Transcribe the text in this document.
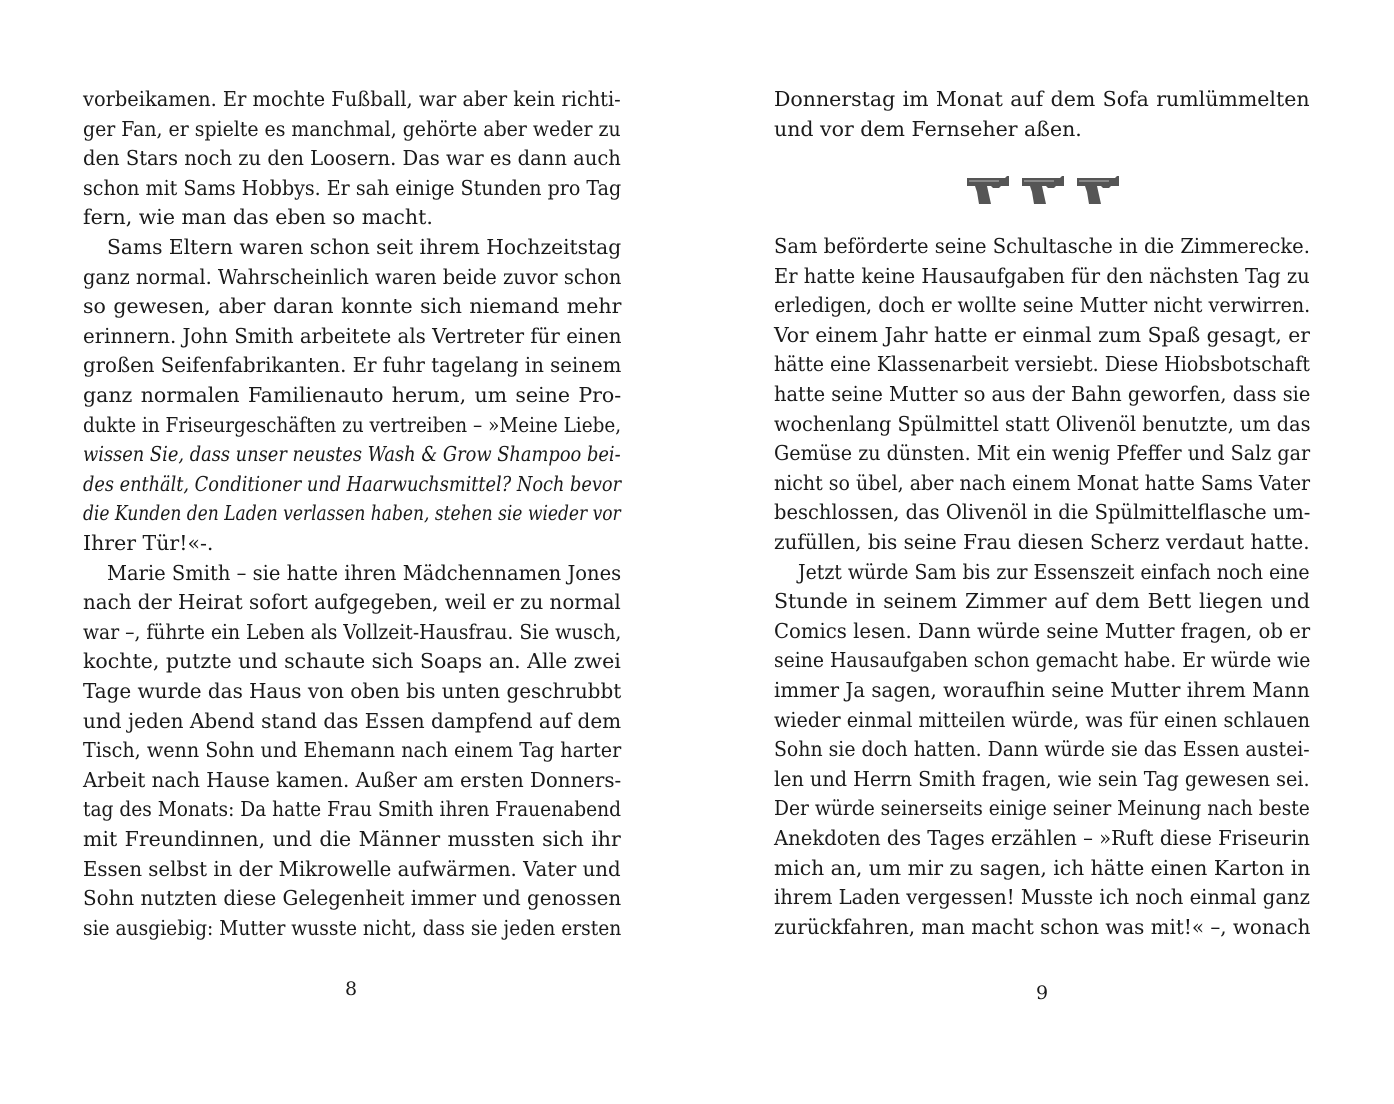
vorbeikamen. Er mochte Fußball, war aber kein richti-
ger Fan, er spielte es manchmal, gehörte aber weder zu
den Stars noch zu den Loosern. Das war es dann auch
schon mit Sams Hobbys. Er sah einige Stunden pro Tag
fern, wie man das eben so macht.
Sams Eltern waren schon seit ihrem Hochzeitstag
ganz normal. Wahrscheinlich waren beide zuvor schon
so gewesen, aber daran konnte sich niemand mehr
erinnern. John Smith arbeitete als Vertreter für einen
großen Seifenfabrikanten. Er fuhr tagelang in seinem
ganz normalen Familienauto herum, um seine Pro-
dukte in Friseurgeschäften zu vertreiben – »Meine Liebe,
wissen Sie, dass unser neustes Wash & Grow Shampoo bei-
des enthält, Conditioner und Haarwuchsmittel? Noch bevor
die Kunden den Laden verlassen haben, stehen sie wieder vor
Ihrer Tür!«-.
Marie Smith – sie hatte ihren Mädchennamen Jones
nach der Heirat sofort aufgegeben, weil er zu normal
war –, führte ein Leben als Vollzeit-Hausfrau. Sie wusch,
kochte, putzte und schaute sich Soaps an. Alle zwei
Tage wurde das Haus von oben bis unten geschrubbt
und jeden Abend stand das Essen dampfend auf dem
Tisch, wenn Sohn und Ehemann nach einem Tag harter
Arbeit nach Hause kamen. Außer am ersten Donners-
tag des Monats: Da hatte Frau Smith ihren Frauenabend
mit Freundinnen, und die Männer mussten sich ihr
Essen selbst in der Mikrowelle aufwärmen. Vater und
Sohn nutzten diese Gelegenheit immer und genossen
sie ausgiebig: Mutter wusste nicht, dass sie jeden ersten
8
Donnerstag im Monat auf dem Sofa rumlümmelten
und vor dem Fernseher aßen.
Sam beförderte seine Schultasche in die Zimmerecke.
Er hatte keine Hausaufgaben für den nächsten Tag zu
erledigen, doch er wollte seine Mutter nicht verwirren.
Vor einem Jahr hatte er einmal zum Spaß gesagt, er
hätte eine Klassenarbeit versiebt. Diese Hiobsbotschaft
hatte seine Mutter so aus der Bahn geworfen, dass sie
wochenlang Spülmittel statt Olivenöl benutzte, um das
Gemüse zu dünsten. Mit ein wenig Pfeffer und Salz gar
nicht so übel, aber nach einem Monat hatte Sams Vater
beschlossen, das Olivenöl in die Spülmittelflasche um-
zufüllen, bis seine Frau diesen Scherz verdaut hatte.
Jetzt würde Sam bis zur Essenszeit einfach noch eine
Stunde in seinem Zimmer auf dem Bett liegen und
Comics lesen. Dann würde seine Mutter fragen, ob er
seine Hausaufgaben schon gemacht habe. Er würde wie
immer Ja sagen, woraufhin seine Mutter ihrem Mann
wieder einmal mitteilen würde, was für einen schlauen
Sohn sie doch hatten. Dann würde sie das Essen austei-
len und Herrn Smith fragen, wie sein Tag gewesen sei.
Der würde seinerseits einige seiner Meinung nach beste
Anekdoten des Tages erzählen – »Ruft diese Friseurin
mich an, um mir zu sagen, ich hätte einen Karton in
ihrem Laden vergessen! Musste ich noch einmal ganz
zurückfahren, man macht schon was mit!« –, wonach
9
